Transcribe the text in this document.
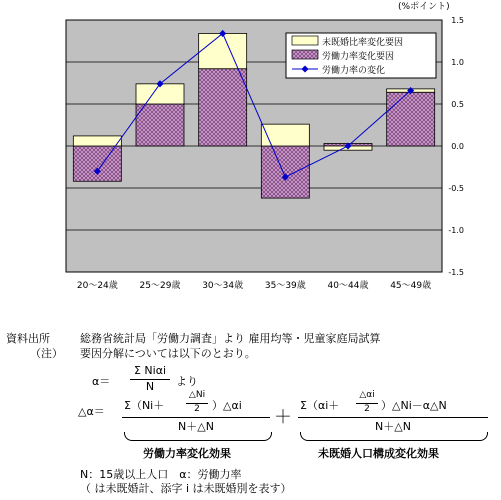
(%ポイント)
1.5
1.0
0.5
0.0
-0.5
-1.0
-1.5
20～24歳 25～29歳 30～34歳 35～39歳 40～44歳 45～49歳
未既婚比率変化要因
労働力率変化要因
労働力率の変化
資料出所	総務省統計局「労働力調査」より 雇用均等・児童家庭局試算
（注） 要因分解については以下のとおり。
α＝
Σ Niαi
N	より
△α＝ Σ（Ni＋
△Ni
2	）△αi
N＋△N	＋
Σ（αi＋
△αi
2	）△Ni－α△N
N＋△N
労働力率変化効果	未既婚人口構成変化効果
N：15歳以上人口　α：労働力率
（ は未既婚計、添字 i は未既婚別を表す）
